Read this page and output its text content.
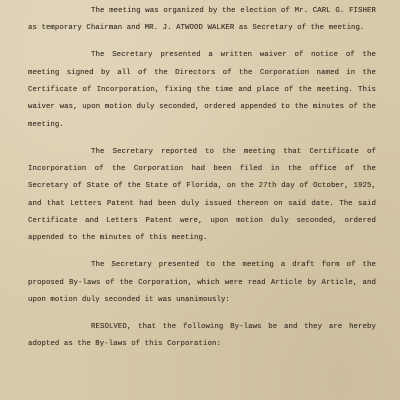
The meeting was organized by the election of Mr. CARL G. FISHER as temporary Chairman and MR. J. ATWOOD WALKER as Secretary of the meeting.

The Secretary presented a written waiver of notice of the meeting signed by all of the Directors of the Corporation named in the Certificate of Incorporation, fixing the time and place of the meeting. This waiver was, upon motion duly seconded, ordered appended to the minutes of the meeting.

The Secretary reported to the meeting that Certificate of Incorporation of the Corporation had been filed in the office of the Secretary of State of the State of Florida, on the 27th day of October, 1925, and that Letters Patent had been duly issued thereon on said date. The said Certificate and Letters Patent were, upon motion duly seconded, ordered appended to the minutes of this meeting.

The Secretary presented to the meeting a draft form of the proposed By-laws of the Corporation, which were read Article by Article, and upon motion duly seconded it was unanimously:

RESOLVED, that the following By-laws be and they are hereby adopted as the By-laws of this Corporation:
